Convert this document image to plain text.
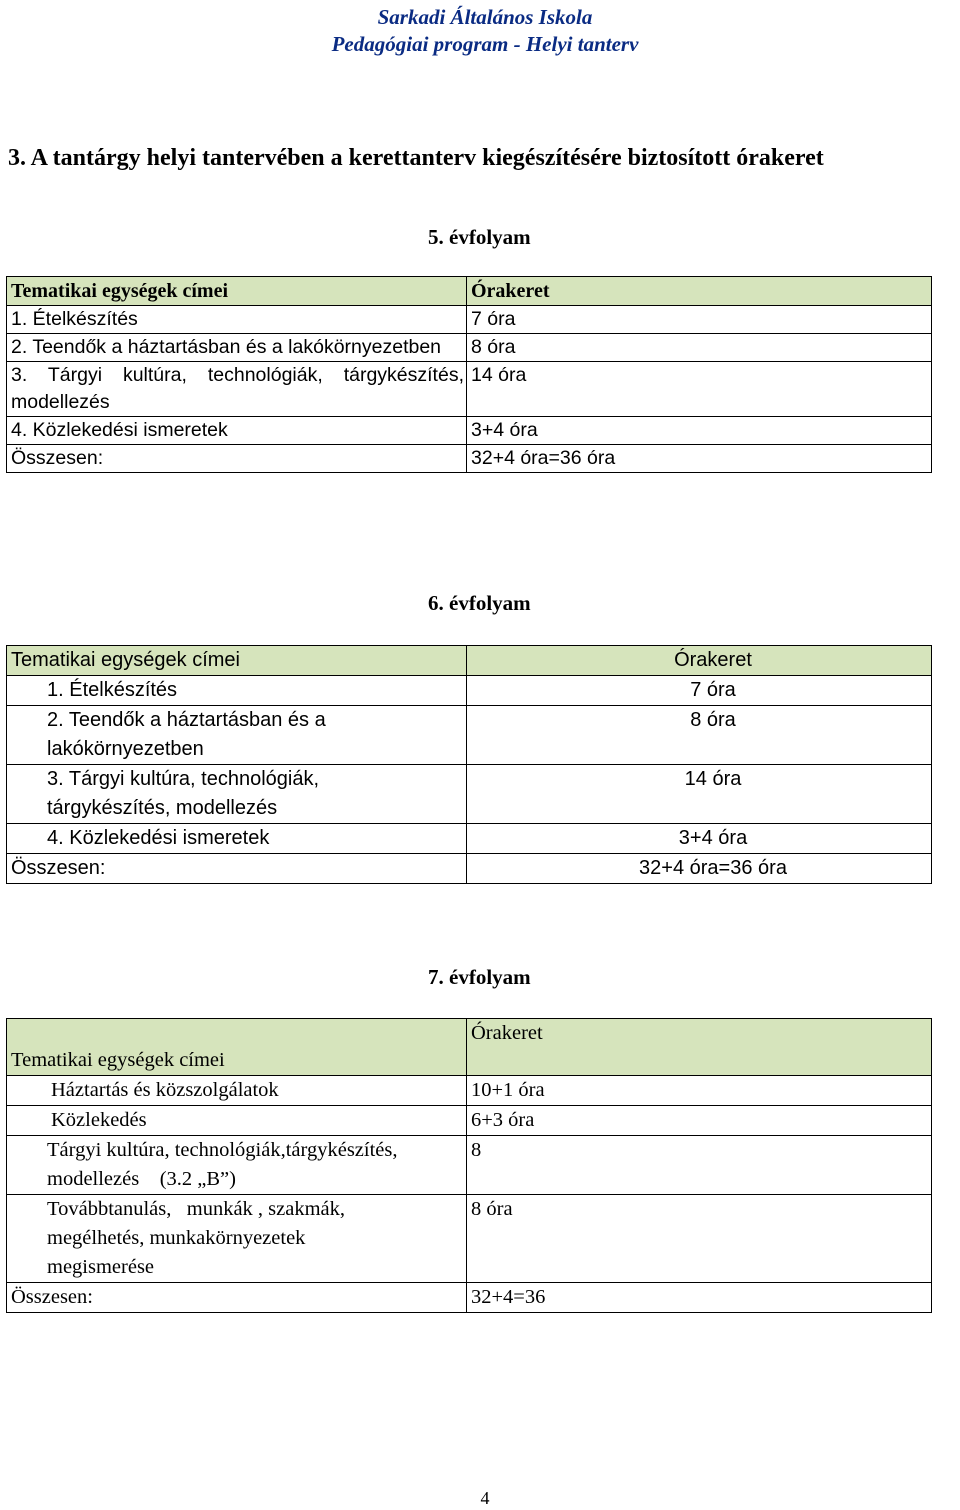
Sarkadi Általános Iskola
Pedagógiai program - Helyi tanterv
3. A tantárgy helyi tantervében a kerettanterv kiegészítésére biztosított órakeret
5. évfolyam
Tematikai egységek címei	Órakeret
1. Ételkészítés	7 óra
2. Teendők a háztartásban és a lakókörnyezetben	8 óra
3. Tárgyi kultúra, technológiák, tárgykészítés, modellezés	14 óra
4. Közlekedési ismeretek	3+4 óra
Összesen:	32+4 óra=36 óra
6. évfolyam
Tematikai egységek címei	Órakeret
1. Ételkészítés	7 óra
2. Teendők a háztartásban és a lakókörnyezetben	8 óra
3. Tárgyi kultúra, technológiák, tárgykészítés, modellezés	14 óra
4. Közlekedési ismeretek	3+4 óra
Összesen:	32+4 óra=36 óra
7. évfolyam
Tematikai egységek címei	Órakeret
Háztartás és közszolgálatok	10+1 óra
Közlekedés	6+3 óra
Tárgyi kultúra, technológiák,tárgykészítés, modellezés    (3.2 „B”)	8
Továbbtanulás,   munkák , szakmák, megélhetés, munkakörnyezetek megismerése	8 óra
Összesen:	32+4=36
4
